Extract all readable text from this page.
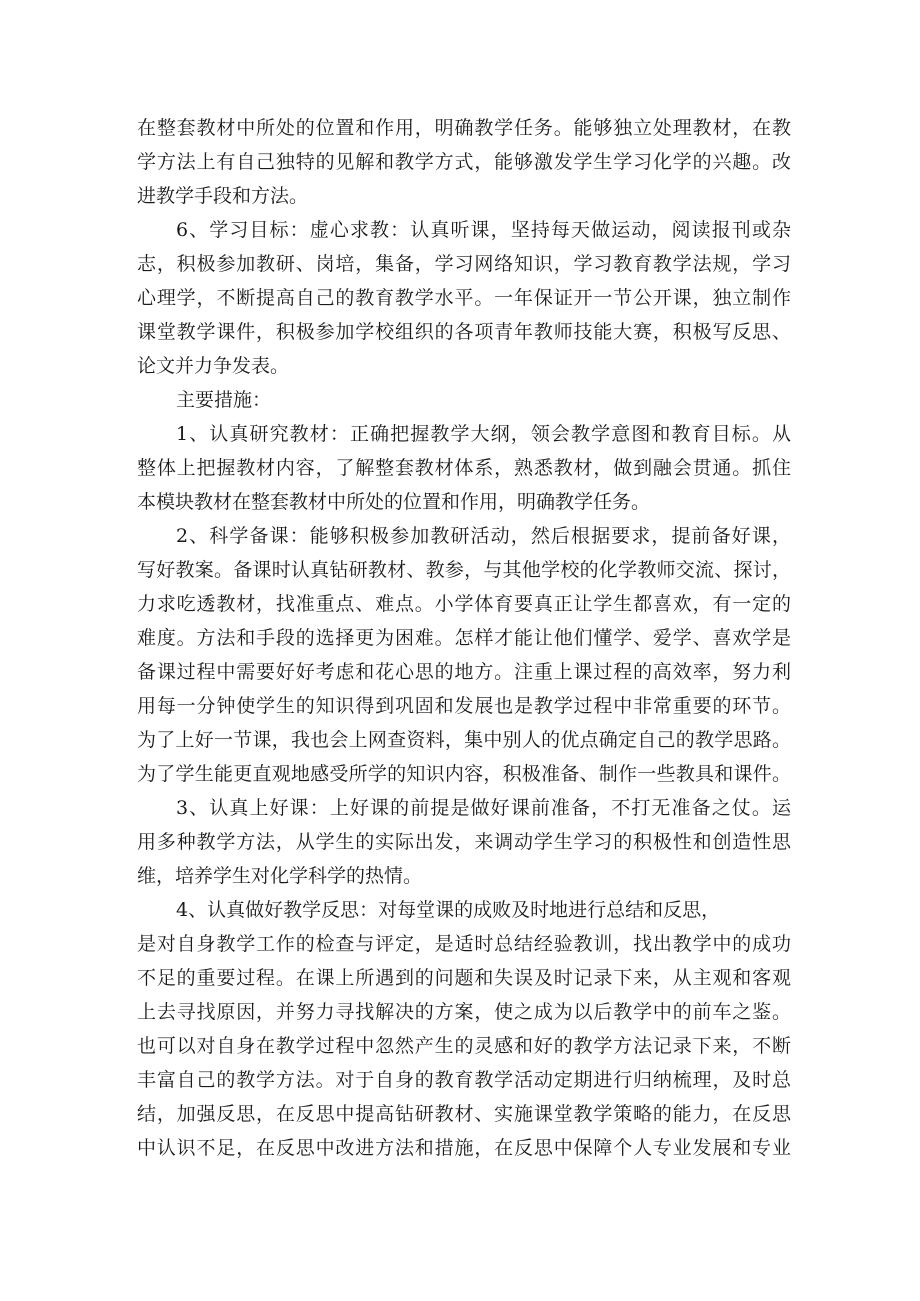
在整套教材中所处的位置和作用，明确教学任务。能够独立处理教材，在教
学方法上有自己独特的见解和教学方式，能够激发学生学习化学的兴趣。改
进教学手段和方法。
6、学习目标：虚心求教：认真听课，坚持每天做运动，阅读报刊或杂
志，积极参加教研、岗培，集备，学习网络知识，学习教育教学法规，学习
心理学，不断提高自己的教育教学水平。一年保证开一节公开课，独立制作
课堂教学课件，积极参加学校组织的各项青年教师技能大赛，积极写反思、
论文并力争发表。
主要措施：
1、认真研究教材：正确把握教学大纲，领会教学意图和教育目标。从
整体上把握教材内容，了解整套教材体系，熟悉教材，做到融会贯通。抓住
本模块教材在整套教材中所处的位置和作用，明确教学任务。
2、科学备课：能够积极参加教研活动，然后根据要求，提前备好课，
写好教案。备课时认真钻研教材、教参，与其他学校的化学教师交流、探讨，
力求吃透教材，找准重点、难点。小学体育要真正让学生都喜欢，有一定的
难度。方法和手段的选择更为困难。怎样才能让他们懂学、爱学、喜欢学是
备课过程中需要好好考虑和花心思的地方。注重上课过程的高效率，努力利
用每一分钟使学生的知识得到巩固和发展也是教学过程中非常重要的环节。
为了上好一节课，我也会上网查资料，集中别人的优点确定自己的教学思路。
为了学生能更直观地感受所学的知识内容，积极准备、制作一些教具和课件。
3、认真上好课：上好课的前提是做好课前准备，不打无准备之仗。运
用多种教学方法，从学生的实际出发，来调动学生学习的积极性和创造性思
维，培养学生对化学科学的热情。
4、认真做好教学反思：对每堂课的成败及时地进行总结和反思，
是对自身教学工作的检查与评定，是适时总结经验教训，找出教学中的成功
不足的重要过程。在课上所遇到的问题和失误及时记录下来，从主观和客观
上去寻找原因，并努力寻找解决的方案，使之成为以后教学中的前车之鉴。
也可以对自身在教学过程中忽然产生的灵感和好的教学方法记录下来，不断
丰富自己的教学方法。对于自身的教育教学活动定期进行归纳梳理，及时总
结，加强反思，在反思中提高钻研教材、实施课堂教学策略的能力，在反思
中认识不足，在反思中改进方法和措施，在反思中保障个人专业发展和专业
